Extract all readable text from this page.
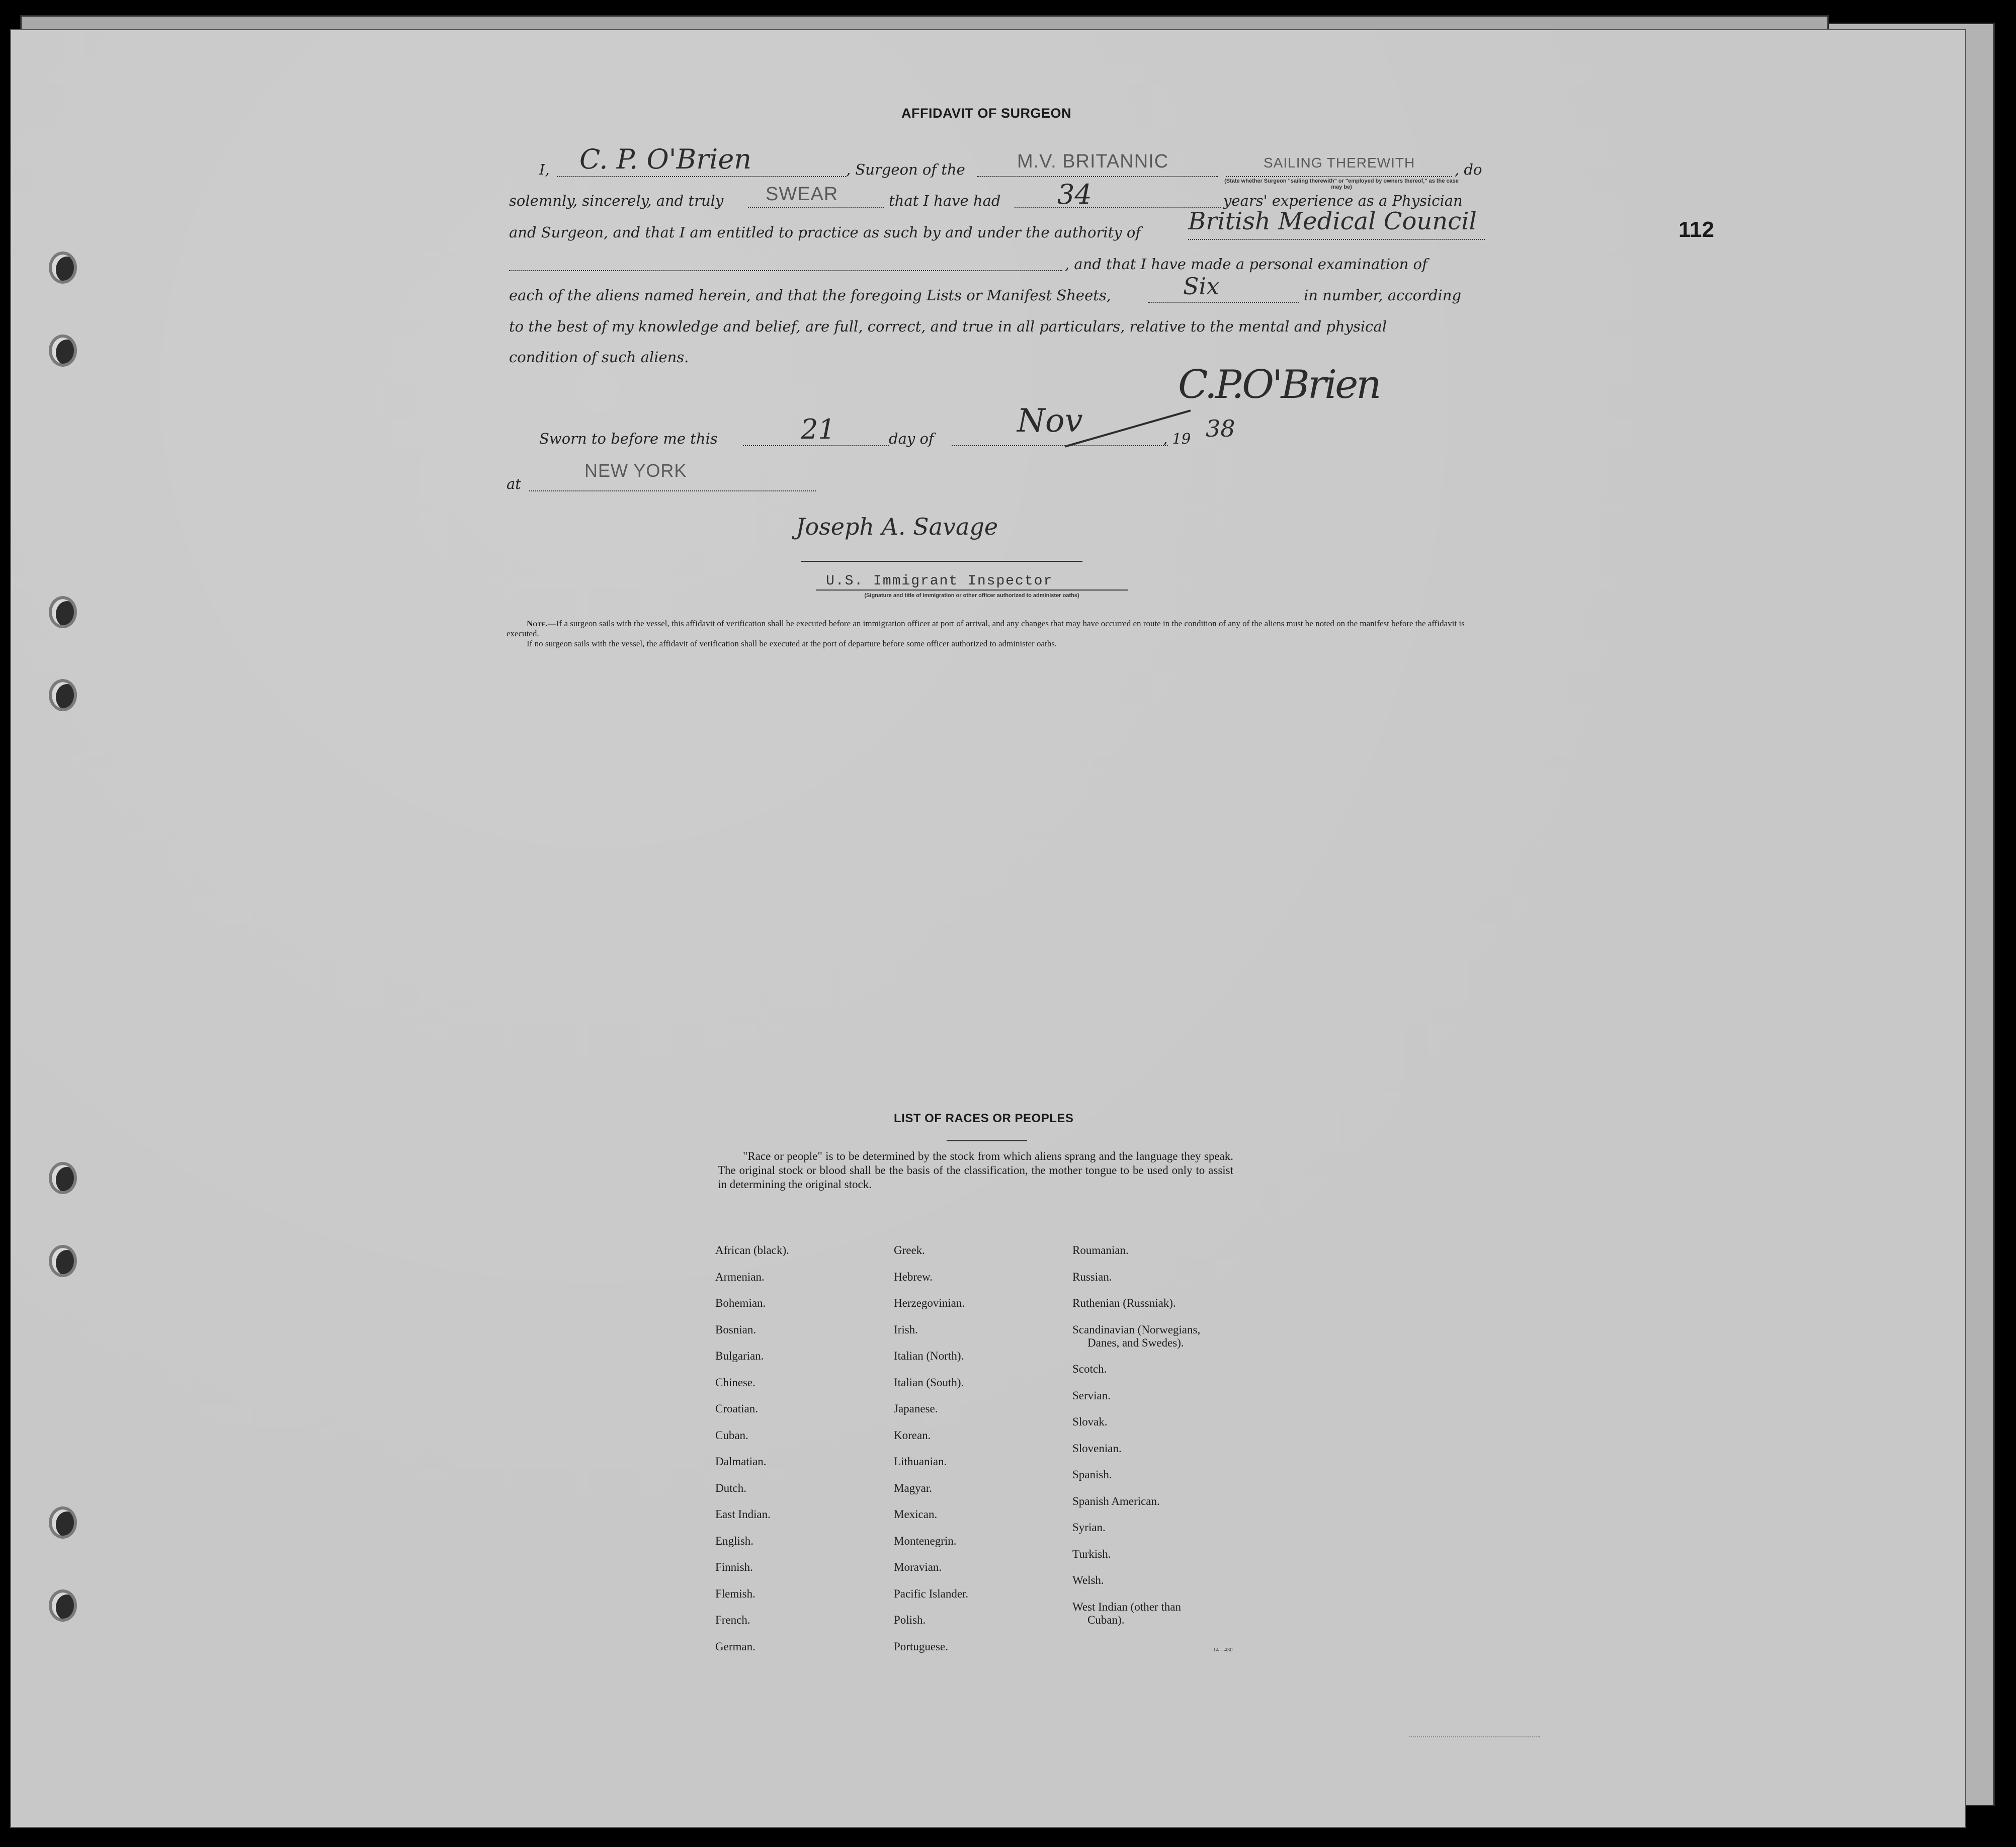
112
AFFIDAVIT OF SURGEON
I, C. P. O'Brien	, Surgeon of the	M.V. BRITANNIC	SAILING THEREWITH
(State whether Surgeon "sailing therewith" or "employed by owners thereof," as the case may be)
, do
solemnly, sincerely, and truly SWEAR	that I have had 34	years' experience as a Physician
and Surgeon, and that I am entitled to practice as such by and under the authority of British Medical Council
, and that I have made a personal examination of
each of the aliens named herein, and that the foregoing Lists or Manifest Sheets,	Six	in number, according
to the best of my knowledge and belief, are full, correct, and true in all particulars, relative to the mental and physical
condition of such aliens.
C.P.O'Brien
Sworn to before me this	21	day of	Nov	, 19 38
at
NEW YORK
Joseph A. Savage
U.S. Immigrant Inspector
(Signature and title of immigration or other officer authorized to administer oaths)
Note.—If a surgeon sails with the vessel, this affidavit of verification shall be executed before an immigration officer at port of arrival, and any changes that may have occurred en route in the condition of any of the aliens must be noted on the manifest before the affidavit is executed.
If no surgeon sails with the vessel, the affidavit of verification shall be executed at the port of departure before some officer authorized to administer oaths.
LIST OF RACES OR PEOPLES
"Race or people" is to be determined by the stock from which aliens sprang and the language they speak. The original stock or blood shall be the basis of the classification, the mother tongue to be used only to assist in determining the original stock.
African (black).
Armenian.
Bohemian.
Bosnian.
Bulgarian.
Chinese.
Croatian.
Cuban.
Dalmatian.
Dutch.
East Indian.
English.
Finnish.
Flemish.
French.
German.
Greek.
Hebrew.
Herzegovinian.
Irish.
Italian (North).
Italian (South).
Japanese.
Korean.
Lithuanian.
Magyar.
Mexican.
Montenegrin.
Moravian.
Pacific Islander.
Polish.
Portuguese.
Roumanian.
Russian.
Ruthenian (Russniak).
Scandinavian (Norwegians,
Danes, and Swedes).
Scotch.
Servian.
Slovak.
Slovenian.
Spanish.
Spanish American.
Syrian.
Turkish.
Welsh.
West Indian (other than
Cuban).
14—430
